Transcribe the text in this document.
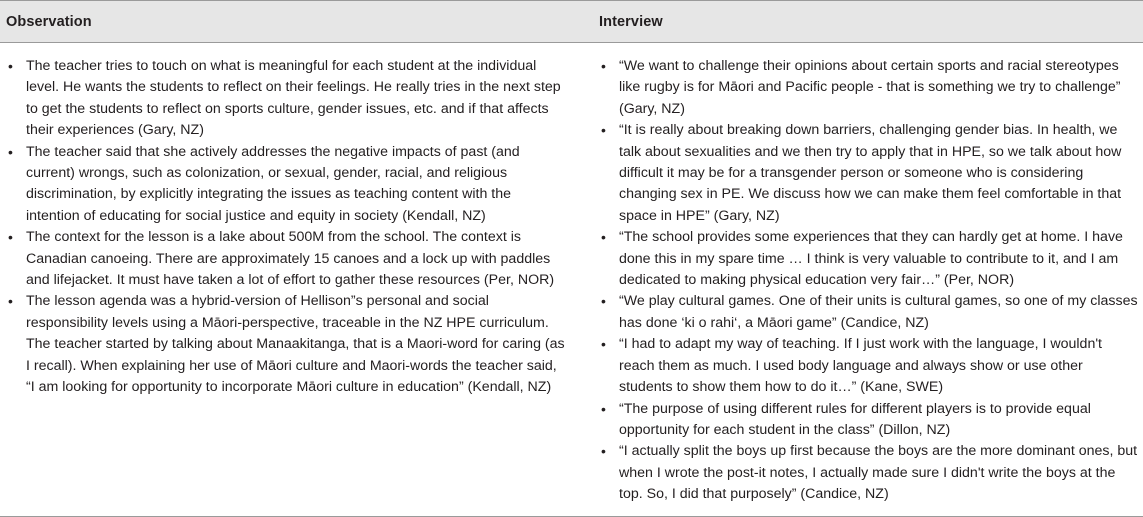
Observation	Interview
• The teacher tries to touch on what is meaningful for each student at the individual level. He wants the students to reflect on their feelings. He really tries in the next step to get the students to reflect on sports culture, gender issues, etc. and if that affects their experiences (Gary, NZ)
• The teacher said that she actively addresses the negative impacts of past (and current) wrongs, such as colonization, or sexual, gender, racial, and religious discrimination, by explicitly integrating the issues as teaching content with the intention of educating for social justice and equity in society (Kendall, NZ)
• The context for the lesson is a lake about 500M from the school. The context is Canadian canoeing. There are approximately 15 canoes and a lock up with paddles and lifejacket. It must have taken a lot of effort to gather these resources (Per, NOR)
• The lesson agenda was a hybrid-version of Hellison”s personal and social responsibility levels using a Māori-perspective, traceable in the NZ HPE curriculum. The teacher started by talking about Manaakitanga, that is a Maori-word for caring (as I recall). When explaining her use of Māori culture and Maori-words the teacher said, “I am looking for opportunity to incorporate Māori culture in education” (Kendall, NZ)
• “We want to challenge their opinions about certain sports and racial stereotypes like rugby is for Māori and Pacific people - that is something we try to challenge” (Gary, NZ)
• “It is really about breaking down barriers, challenging gender bias. In health, we talk about sexualities and we then try to apply that in HPE, so we talk about how difficult it may be for a transgender person or someone who is considering changing sex in PE. We discuss how we can make them feel comfortable in that space in HPE” (Gary, NZ)
• “The school provides some experiences that they can hardly get at home. I have done this in my spare time … I think is very valuable to contribute to it, and I am dedicated to making physical education very fair…” (Per, NOR)
• “We play cultural games. One of their units is cultural games, so one of my classes has done ‘ki o rahi‘, a Māori game” (Candice, NZ)
• “I had to adapt my way of teaching. If I just work with the language, I wouldn't reach them as much. I used body language and always show or use other students to show them how to do it…” (Kane, SWE)
• “The purpose of using different rules for different players is to provide equal opportunity for each student in the class” (Dillon, NZ)
• “I actually split the boys up first because the boys are the more dominant ones, but when I wrote the post-it notes, I actually made sure I didn't write the boys at the top. So, I did that purposely” (Candice, NZ)
